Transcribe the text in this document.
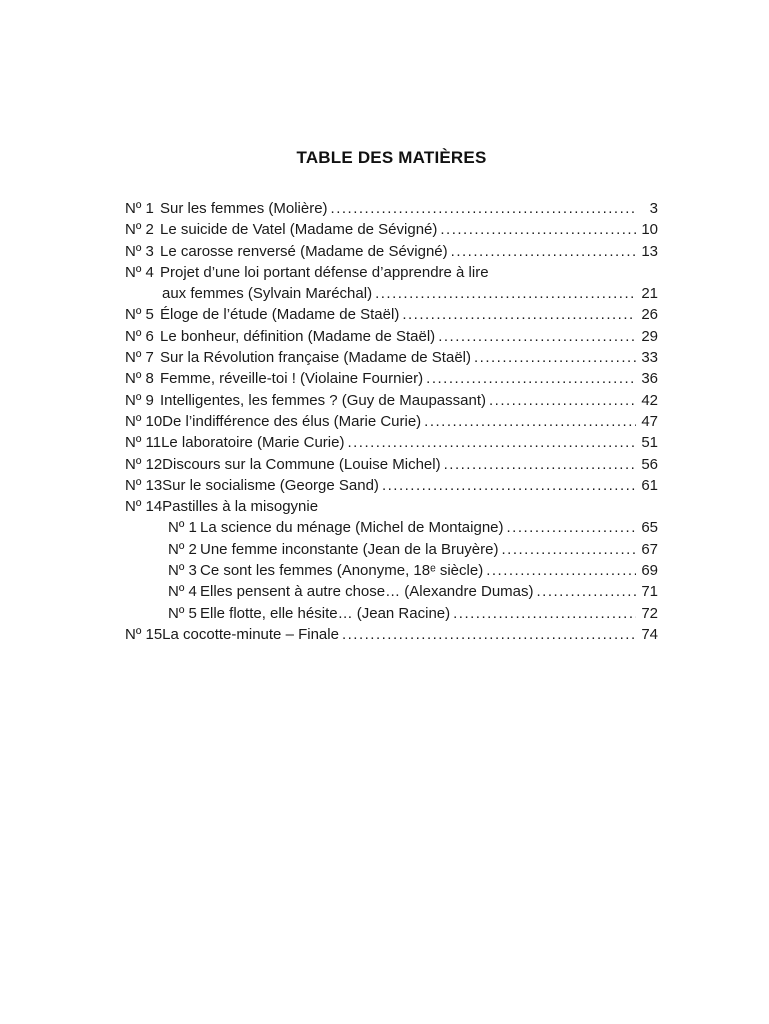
TABLE DES MATIÈRES
Nº 1 Sur les femmes (Molière) .....	3
Nº 2 Le suicide de Vatel (Madame de Sévigné) .....	10
Nº 3 Le carosse renversé (Madame de Sévigné) .....	13
Nº 4 Projet d’une loi portant défense d’apprendre à lire
aux femmes (Sylvain Maréchal) .....	21
Nº 5 Éloge de l’étude (Madame de Staël) .....	26
Nº 6 Le bonheur, définition (Madame de Staël) .....	29
Nº 7 Sur la Révolution française (Madame de Staël) .....	33
Nº 8 Femme, réveille-toi ! (Violaine Fournier) .....	36
Nº 9 Intelligentes, les femmes ? (Guy de Maupassant) .....	42
Nº 10 De l’indifférence des élus (Marie Curie) .....	47
Nº 11 Le laboratoire (Marie Curie) .....	51
Nº 12 Discours sur la Commune (Louise Michel) .....	56
Nº 13 Sur le socialisme (George Sand) .....	61
Nº 14 Pastilles à la misogynie
Nº 1 La science du ménage (Michel de Montaigne) .....	65
Nº 2 Une femme inconstante (Jean de la Bruyère) .....	67
Nº 3 Ce sont les femmes (Anonyme, 18ᵉ siècle) .....	69
Nº 4 Elles pensent à autre chose… (Alexandre Dumas) .....	71
Nº 5 Elle flotte, elle hésite… (Jean Racine) .....	72
Nº 15 La cocotte-minute – Finale .....	74
